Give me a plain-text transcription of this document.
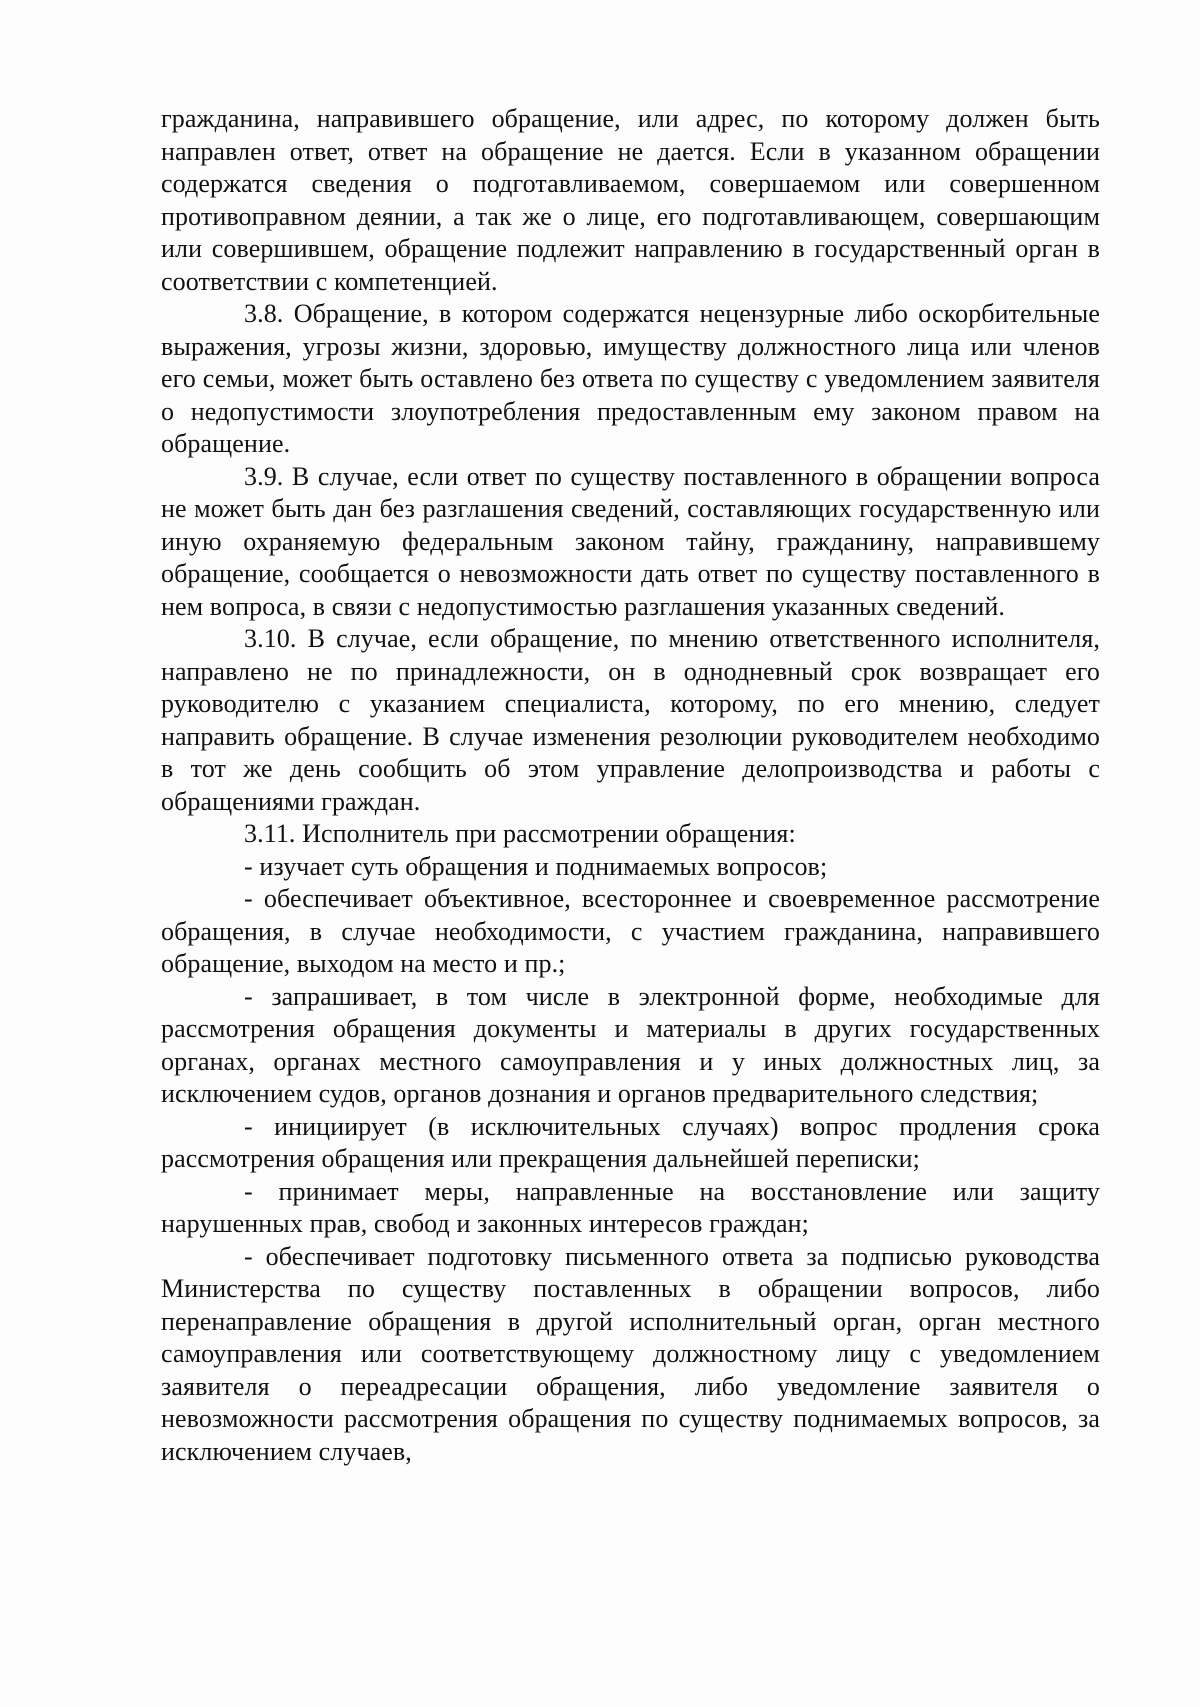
гражданина, направившего обращение, или адрес, по которому должен быть направлен ответ, ответ на обращение не дается. Если в указанном обращении содержатся сведения о подготавливаемом, совершаемом или совершенном противоправном деянии, а так же о лице, его подготавливающем, совершающим или совершившем, обращение подлежит направлению в государственный орган в соответствии с компетенцией.

3.8. Обращение, в котором содержатся нецензурные либо оскорбительные выражения, угрозы жизни, здоровью, имуществу должностного лица или членов его семьи, может быть оставлено без ответа по существу с уведомлением заявителя о недопустимости злоупотребления предоставленным ему законом правом на обращение.

3.9. В случае, если ответ по существу поставленного в обращении вопроса не может быть дан без разглашения сведений, составляющих государственную или иную охраняемую федеральным законом тайну, гражданину, направившему обращение, сообщается о невозможности дать ответ по существу поставленного в нем вопроса, в связи с недопустимостью разглашения указанных сведений.

3.10. В случае, если обращение, по мнению ответственного исполнителя, направлено не по принадлежности, он в однодневный срок возвращает его руководителю с указанием специалиста, которому, по его мнению, следует направить обращение. В случае изменения резолюции руководителем необходимо в тот же день сообщить об этом управление делопроизводства и работы с обращениями граждан.

3.11. Исполнитель при рассмотрении обращения:

- изучает суть обращения и поднимаемых вопросов;

- обеспечивает объективное, всестороннее и своевременное рассмотрение обращения, в случае необходимости, с участием гражданина, направившего обращение, выходом на место и пр.;

- запрашивает, в том числе в электронной форме, необходимые для рассмотрения обращения документы и материалы в других государственных органах, органах местного самоуправления и у иных должностных лиц, за исключением судов, органов дознания и органов предварительного следствия;

- инициирует (в исключительных случаях) вопрос продления срока рассмотрения обращения или прекращения дальнейшей переписки;

- принимает меры, направленные на восстановление или защиту нарушенных прав, свобод и законных интересов граждан;

- обеспечивает подготовку письменного ответа за подписью руководства Министерства по существу поставленных в обращении вопросов, либо перенаправление обращения в другой исполнительный орган, орган местного самоуправления или соответствующему должностному лицу с уведомлением заявителя о переадресации обращения, либо уведомление заявителя о невозможности рассмотрения обращения по существу поднимаемых вопросов, за исключением случаев,
